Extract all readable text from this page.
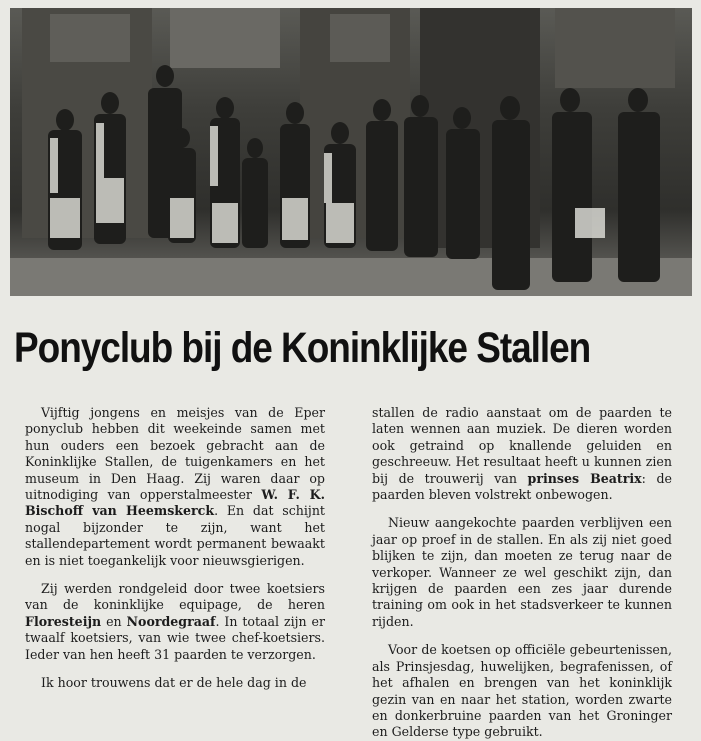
Ponyclub bij de Koninklijke Stallen

Vijftig jongens en meisjes van de Eper ponyclub hebben dit weekeinde samen met hun ouders een bezoek gebracht aan de Koninklijke Stallen, de tuigenkamers en het museum in Den Haag. Zij waren daar op uitnodiging van opperstalmeester W. F. K. Bischoff van Heemskerck. En dat schijnt nogal bijzonder te zijn, want het stallendepartement wordt permanent bewaakt en is niet toegankelijk voor nieuwsgierigen.

Zij werden rondgeleid door twee koetsiers van de koninklijke equipage, de heren Floresteijn en Noordegraaf. In totaal zijn er twaalf koetsiers, van wie twee chef-koetsiers. Ieder van hen heeft 31 paarden te verzorgen.

Ik hoor trouwens dat er de hele dag in de

stallen de radio aanstaat om de paarden te laten wennen aan muziek. De dieren worden ook getraind op knallende geluiden en geschreeuw. Het resultaat heeft u kunnen zien bij de trouwerij van prinses Beatrix: de paarden bleven volstrekt onbewogen.

Nieuw aangekochte paarden verblijven een jaar op proef in de stallen. En als zij niet goed blijken te zijn, dan moeten ze terug naar de verkoper. Wanneer ze wel geschikt zijn, dan krijgen de paarden een zes jaar durende training om ook in het stadsverkeer te kunnen rijden.

Voor de koetsen op officiële gebeurtenissen, als Prinsjesdag, huwelijken, begrafenissen, of het afhalen en brengen van het koninklijk gezin van en naar het station, worden zwarte en donkerbruine paarden van het Groninger en Gelderse type gebruikt.
